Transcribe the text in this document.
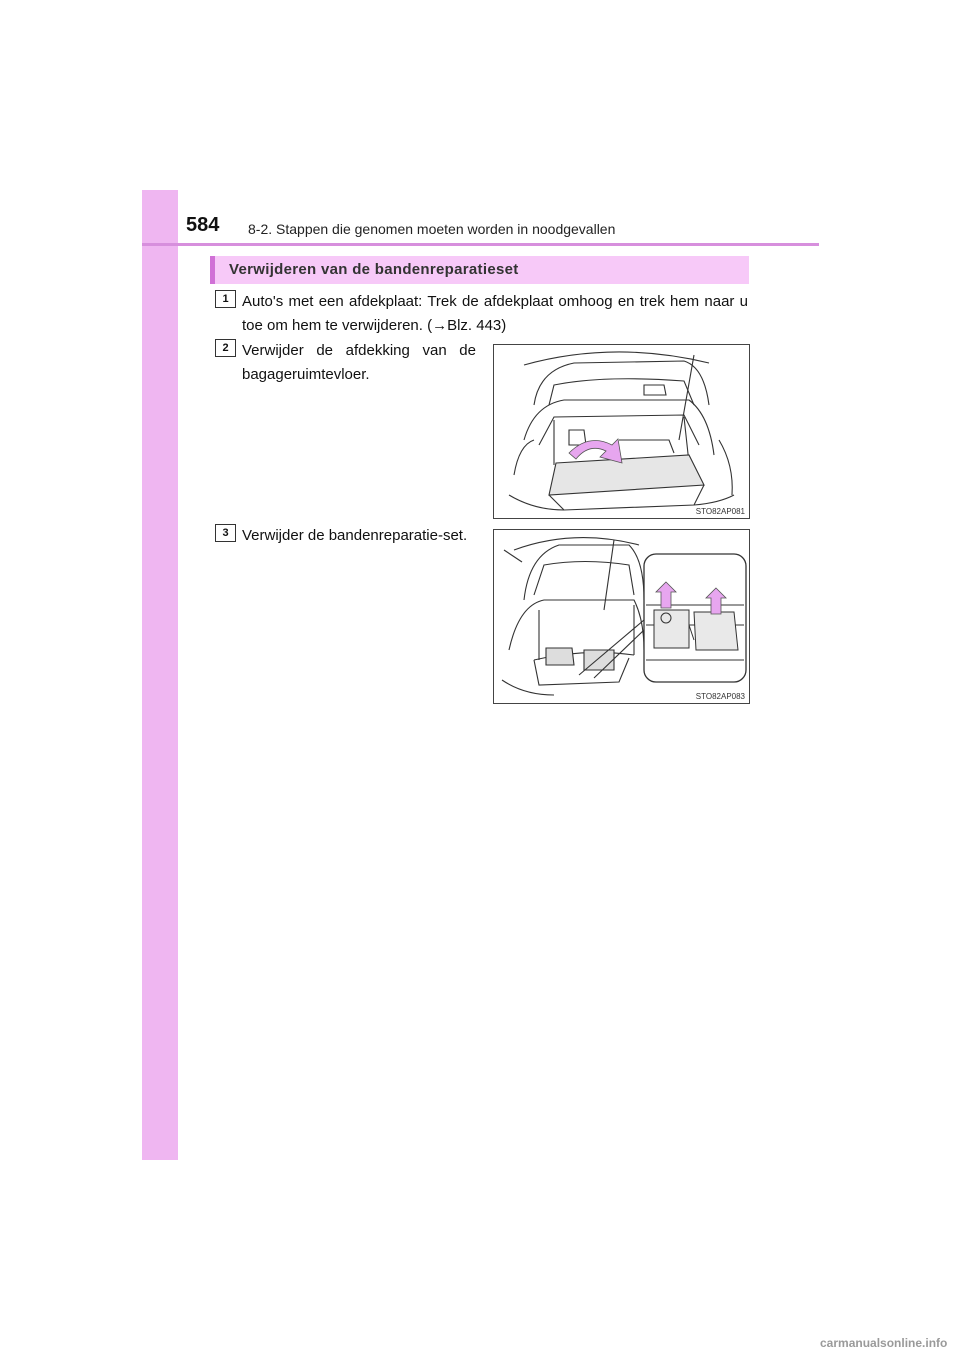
584 8-2. Stappen die genomen moeten worden in noodgevallen
Verwijderen van de bandenreparatieset
1 Auto's met een afdekplaat: Trek de afdekplaat omhoog en trek hem naar u toe om hem te verwijderen. (→Blz. 443)
2 Verwijder de afdekking van de bagageruimtevloer.
STO82AP081
3 Verwijder de bandenreparatie-set.
STO82AP083
carmanualsonline.info
